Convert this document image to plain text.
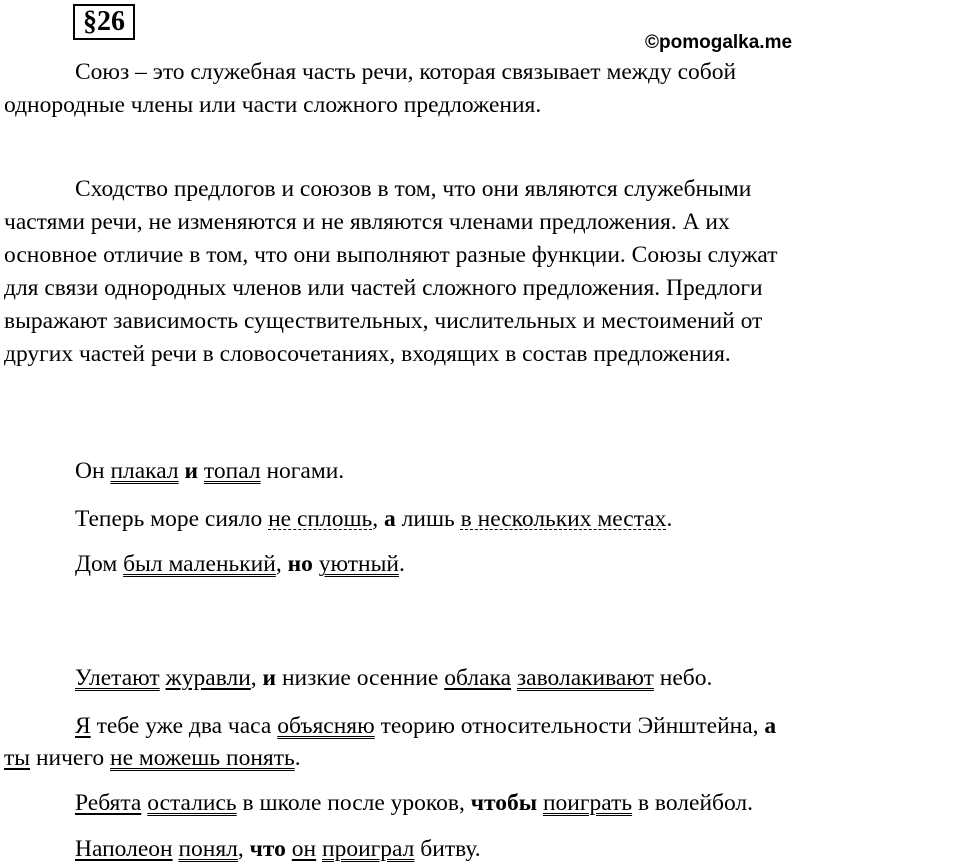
§26
©pomogalka.me
Союз – это служебная часть речи, которая связывает между собой
однородные члены или части сложного предложения.
Сходство предлогов и союзов в том, что они являются служебными
частями речи, не изменяются и не являются членами предложения. А их
основное отличие в том, что они выполняют разные функции. Союзы служат
для связи однородных членов или частей сложного предложения. Предлоги
выражают зависимость существительных, числительных и местоимений от
других частей речи в словосочетаниях, входящих в состав предложения.
Он плакал и топал ногами.
Теперь море сияло не сплошь, а лишь в нескольких местах.
Дом был маленький, но уютный.
Улетают журавли, и низкие осенние облака заволакивают небо.
Я тебе уже два часа объясняю теорию относительности Эйнштейна, а
ты ничего не можешь понять.
Ребята остались в школе после уроков, чтобы поиграть в волейбол.
Наполеон понял, что он проиграл битву.
